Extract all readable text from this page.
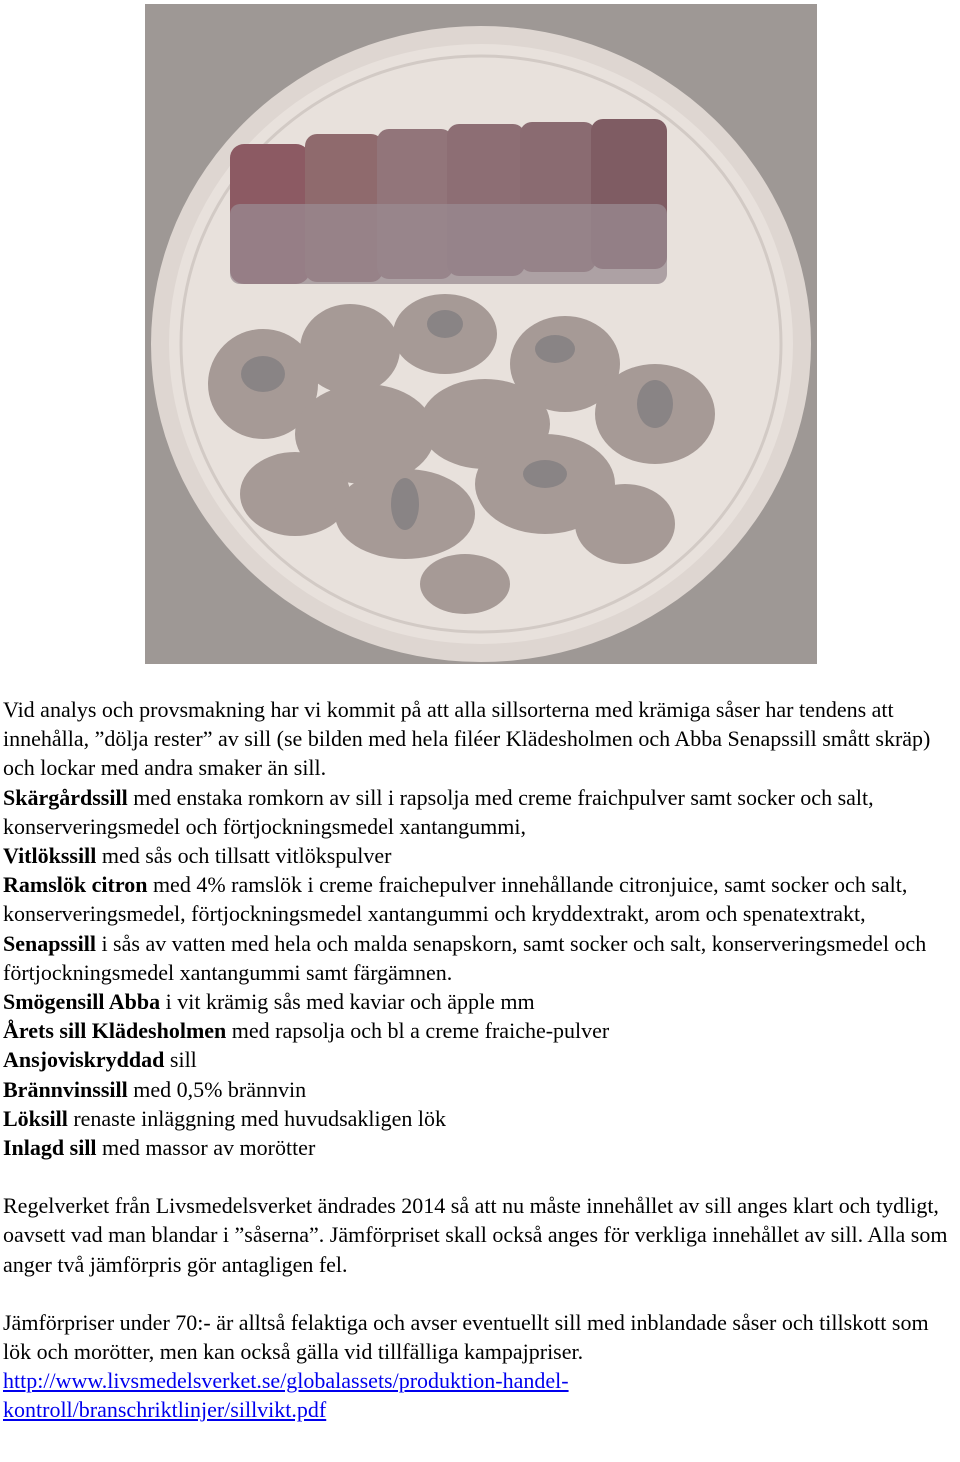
Vid analys och provsmakning har vi kommit på att alla sillsorterna med krämiga såser har tendens att innehålla, ”dölja rester” av sill (se bilden med hela filéer Klädesholmen och Abba Senapssill smått skräp) och lockar med andra smaker än sill.

Skärgårdssill med enstaka romkorn av sill i rapsolja med creme fraichpulver samt socker och salt, konserveringsmedel och förtjockningsmedel xantangummi,

Vitlökssill med sås och tillsatt vitlökspulver

Ramslök citron med 4% ramslök i creme fraichepulver innehållande citronjuice, samt socker och salt, konserveringsmedel, förtjockningsmedel xantangummi och kryddextrakt, arom och spenatextrakt,

Senapssill i sås av vatten med hela och malda senapskorn, samt socker och salt, konserveringsmedel och förtjockningsmedel xantangummi samt färgämnen.

Smögensill Abba i vit krämig sås med kaviar och äpple mm

Årets sill Klädesholmen med rapsolja och bl a creme fraiche-pulver

Ansjoviskryddad sill

Brännvinssill med 0,5% brännvin

Löksill renaste inläggning med huvudsakligen lök

Inlagd sill med massor av morötter

Regelverket från Livsmedelsverket ändrades 2014 så att nu måste innehållet av sill anges klart och tydligt, oavsett vad man blandar i ”såserna”. Jämförpriset skall också anges för verkliga innehållet av sill. Alla som anger två jämförpris gör antagligen fel.

Jämförpriser under 70:- är alltså felaktiga och avser eventuellt sill med inblandade såser och tillskott som lök och morötter, men kan också gälla vid tillfälliga kampajpriser.

http://www.livsmedelsverket.se/globalassets/produktion-handel-

kontroll/branschriktlinjer/sillvikt.pdf
